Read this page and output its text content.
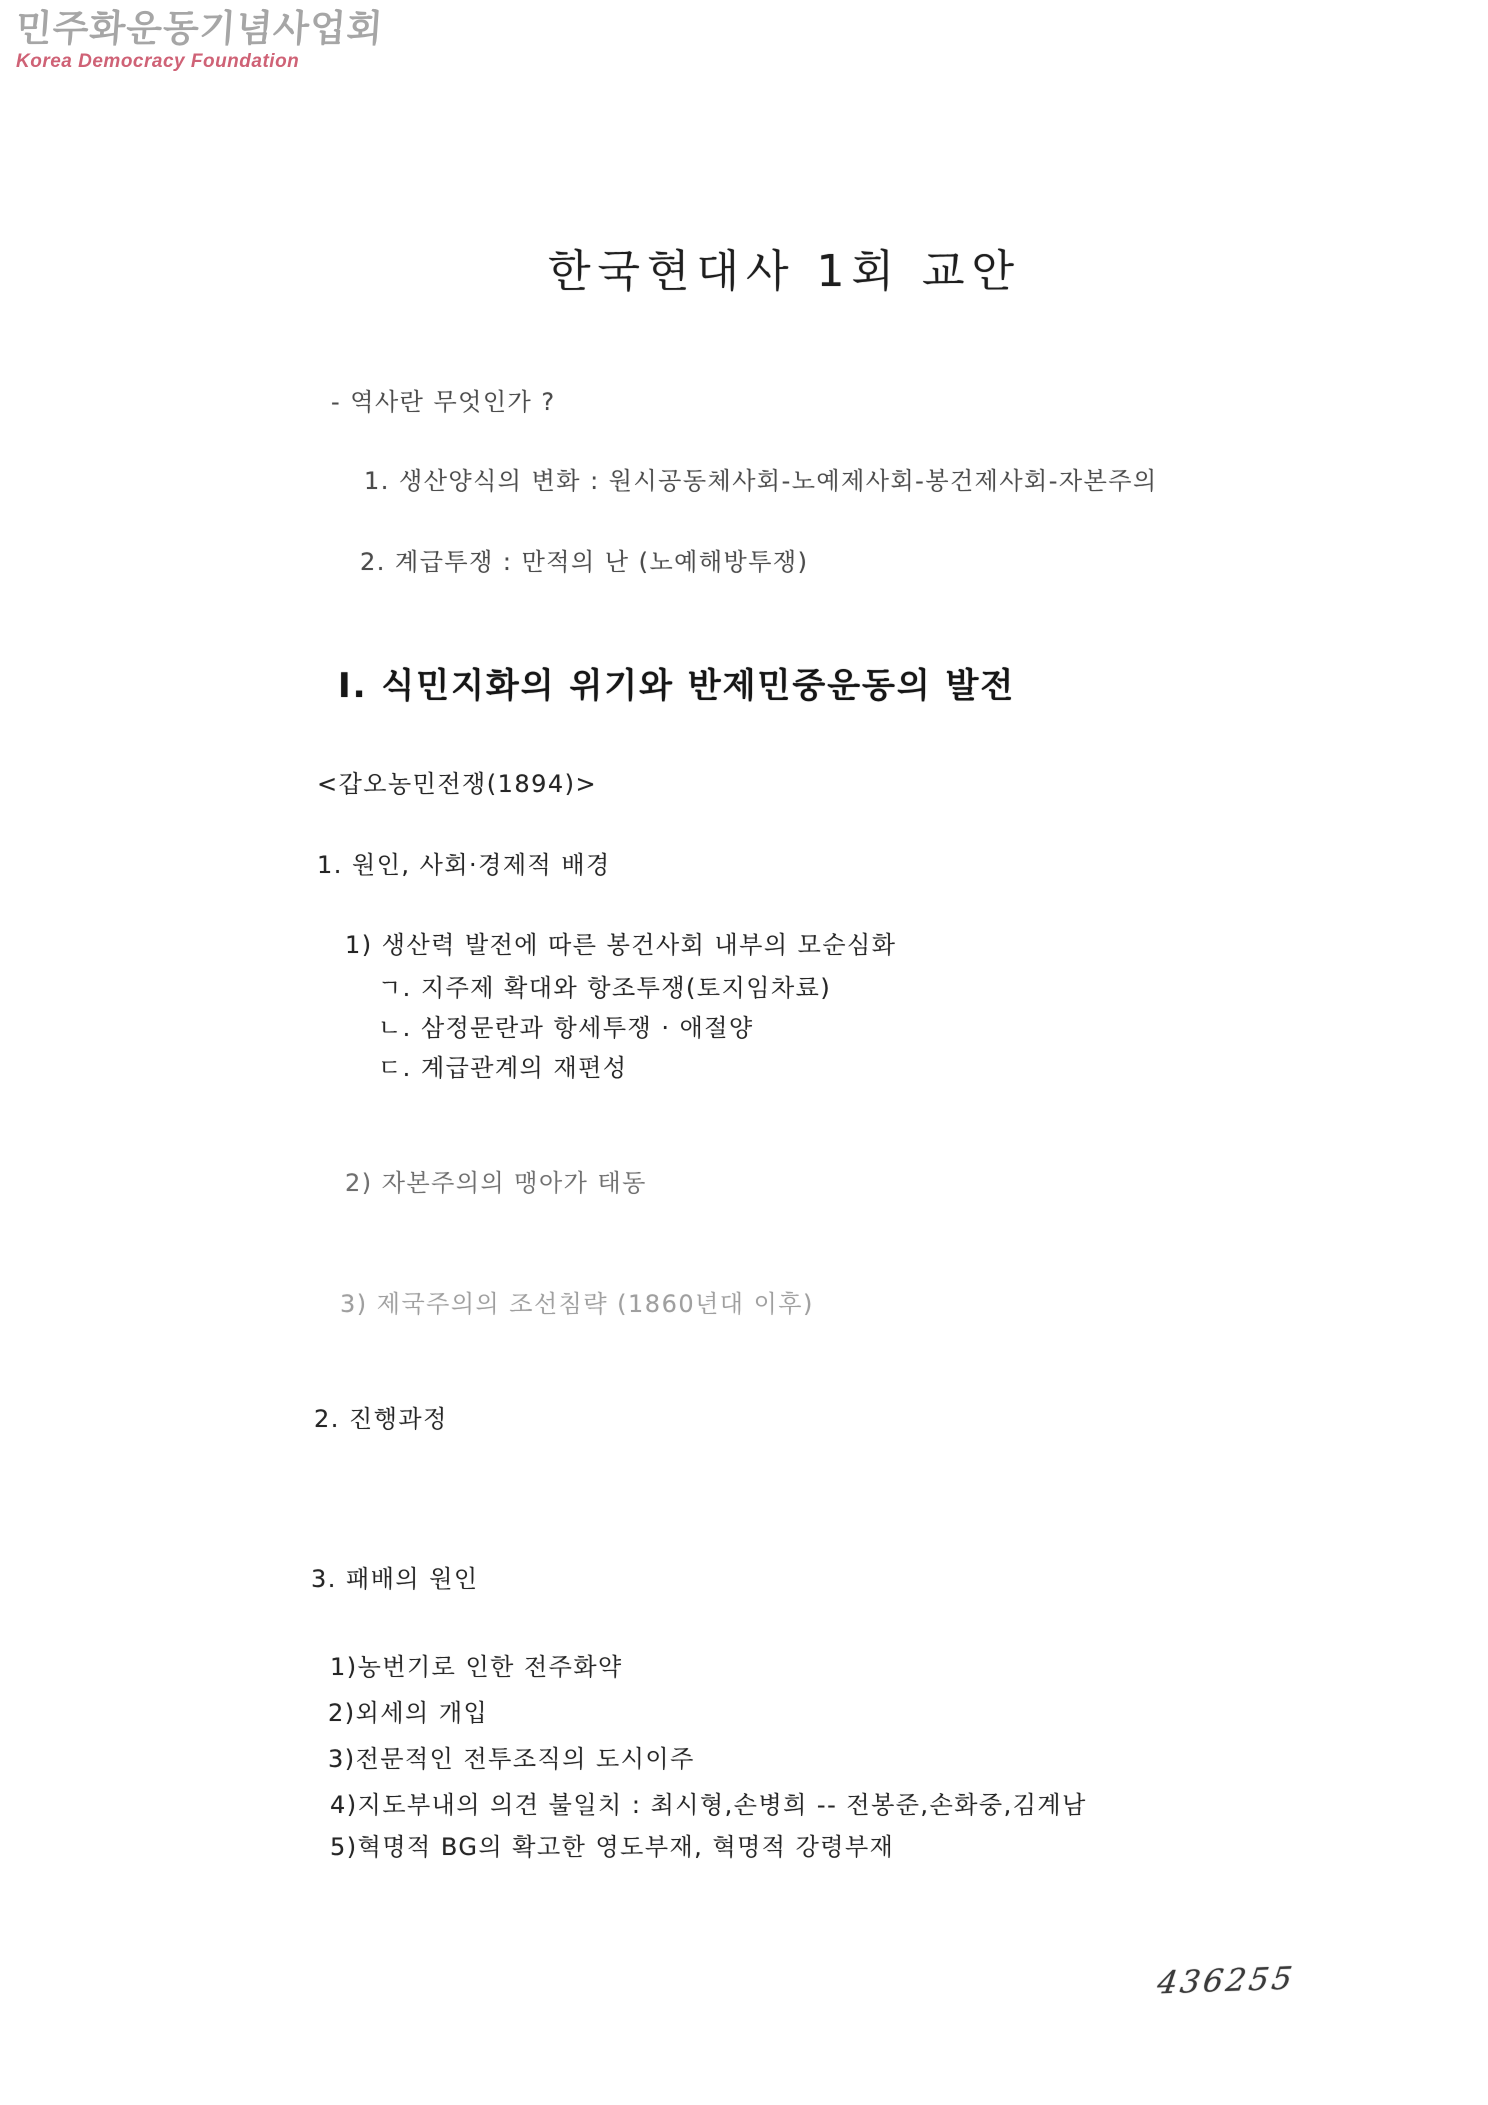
민주화운동기념사업회
Korea Democracy Foundation
한국현대사 1회 교안
- 역사란 무엇인가 ?
1. 생산양식의 변화 : 원시공동체사회-노예제사회-봉건제사회-자본주의
2. 계급투쟁 : 만적의 난 (노예해방투쟁)
Ⅰ. 식민지화의 위기와 반제민중운동의 발전
<갑오농민전쟁(1894)>
1. 원인, 사회·경제적 배경
1) 생산력 발전에 따른 봉건사회 내부의 모순심화
ㄱ. 지주제 확대와 항조투쟁(토지임차료)
ㄴ. 삼정문란과 항세투쟁 · 애절양
ㄷ. 계급관계의 재편성
2) 자본주의의 맹아가 태동
3) 제국주의의 조선침략 (1860년대 이후)
2. 진행과정
3. 패배의 원인
1)농번기로 인한 전주화약
2)외세의 개입
3)전문적인 전투조직의 도시이주
4)지도부내의 의견 불일치 : 최시형,손병희 -- 전봉준,손화중,김계남
5)혁명적 BG의 확고한 영도부재, 혁명적 강령부재
436255
